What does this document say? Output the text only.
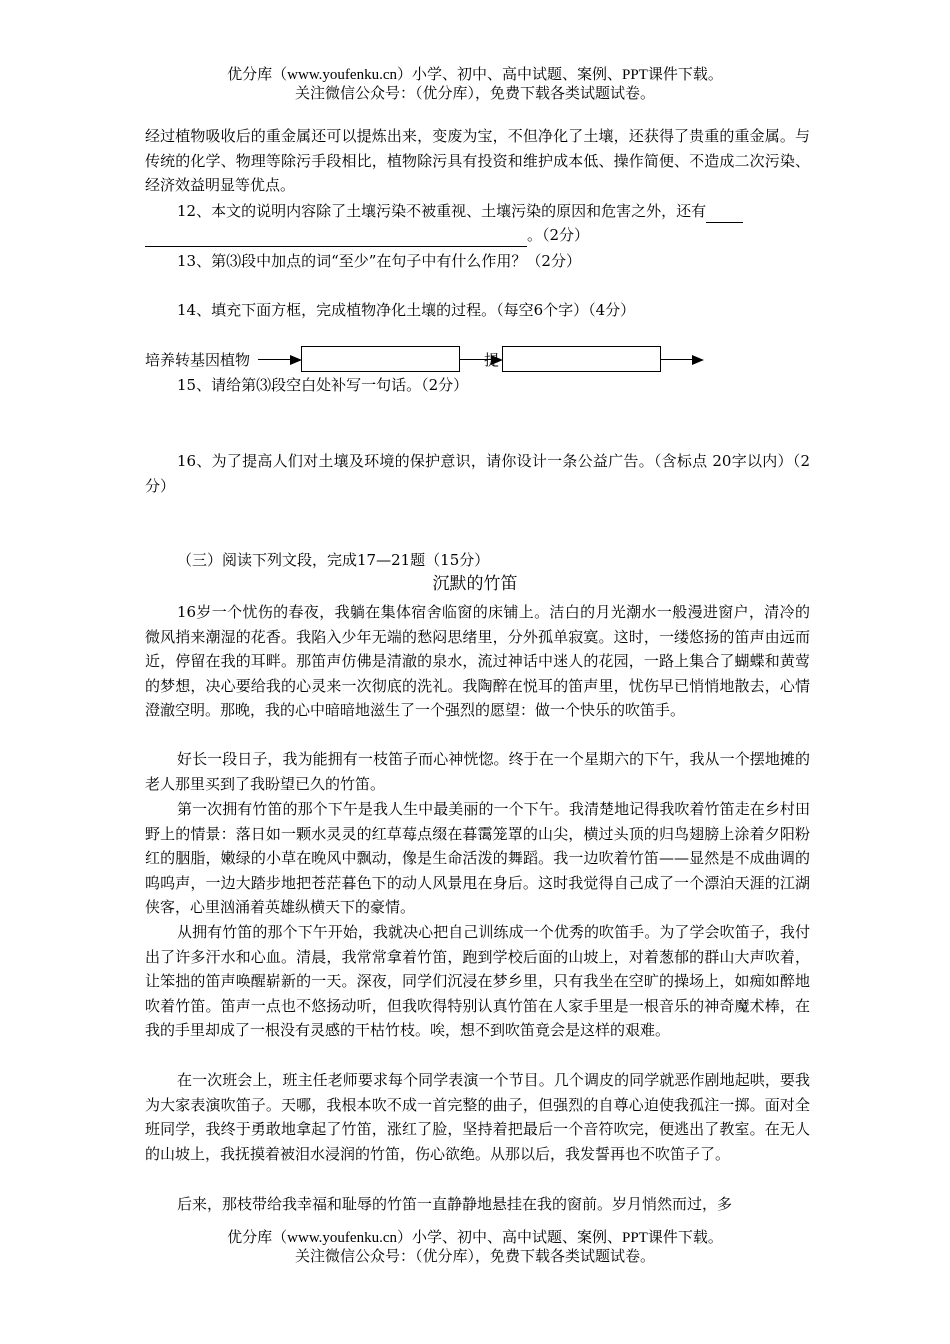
优分库（www.youfenku.cn）小学、初中、高中试题、案例、PPT课件下载。
关注微信公众号：（优分库），免费下载各类试题试卷。
经过植物吸收后的重金属还可以提炼出来，变废为宝，不但净化了土壤，还获得了贵重的重金属。与传统的化学、物理等除污手段相比，植物除污具有投资和维护成本低、操作简便、不造成二次污染、经济效益明显等优点。
12、本文的说明内容除了土壤污染不被重视、土壤污染的原因和危害之外，还有
。（2分）
13、第⑶段中加点的词“至少”在句子中有什么作用？（2分）
14、填充下面方框，完成植物净化土壤的过程。（每空6个字）（4分）
培养转基因植物	提
15、请给第⑶段空白处补写一句话。（2分）
16、为了提高人们对土壤及环境的保护意识，请你设计一条公益广告。（含标点 20字以内）（2分）
（三）阅读下列文段，完成17—21题（15分）
沉默的竹笛
16岁一个忧伤的春夜，我躺在集体宿舍临窗的床铺上。洁白的月光潮水一般漫进窗户，清冷的微风捎来潮湿的花香。我陷入少年无端的愁闷思绪里，分外孤单寂寞。这时，一缕悠扬的笛声由远而近，停留在我的耳畔。那笛声仿佛是清澈的泉水，流过神话中迷人的花园，一路上集合了蝴蝶和黄莺的梦想，决心要给我的心灵来一次彻底的洗礼。我陶醉在悦耳的笛声里，忧伤早已悄悄地散去，心情澄澈空明。那晚，我的心中暗暗地滋生了一个强烈的愿望：做一个快乐的吹笛手。
好长一段日子，我为能拥有一枝笛子而心神恍惚。终于在一个星期六的下午，我从一个摆地摊的老人那里买到了我盼望已久的竹笛。
第一次拥有竹笛的那个下午是我人生中最美丽的一个下午。我清楚地记得我吹着竹笛走在乡村田野上的情景：落日如一颗水灵灵的红草莓点缀在暮霭笼罩的山尖，横过头顶的归鸟翅膀上涂着夕阳粉红的胭脂，嫩绿的小草在晚风中飘动，像是生命活泼的舞蹈。我一边吹着竹笛——显然是不成曲调的呜呜声，一边大踏步地把苍茫暮色下的动人风景甩在身后。这时我觉得自己成了一个漂泊天涯的江湖侠客，心里汹涌着英雄纵横天下的豪情。
从拥有竹笛的那个下午开始，我就决心把自己训练成一个优秀的吹笛手。为了学会吹笛子，我付出了许多汗水和心血。清晨，我常常拿着竹笛，跑到学校后面的山坡上，对着葱郁的群山大声吹着，让笨拙的笛声唤醒崭新的一天。深夜，同学们沉浸在梦乡里，只有我坐在空旷的操场上，如痴如醉地吹着竹笛。笛声一点也不悠扬动听，但我吹得特别认真竹笛在人家手里是一根音乐的神奇魔术棒，在我的手里却成了一根没有灵感的干枯竹枝。唉，想不到吹笛竟会是这样的艰难。
在一次班会上，班主任老师要求每个同学表演一个节目。几个调皮的同学就恶作剧地起哄，要我为大家表演吹笛子。天哪，我根本吹不成一首完整的曲子，但强烈的自尊心迫使我孤注一掷。面对全班同学，我终于勇敢地拿起了竹笛，涨红了脸，坚持着把最后一个音符吹完，便逃出了教室。在无人的山坡上，我抚摸着被泪水浸润的竹笛，伤心欲绝。从那以后，我发誓再也不吹笛子了。
后来，那枝带给我幸福和耻辱的竹笛一直静静地悬挂在我的窗前。岁月悄然而过，多
优分库（www.youfenku.cn）小学、初中、高中试题、案例、PPT课件下载。
关注微信公众号：（优分库），免费下载各类试题试卷。
